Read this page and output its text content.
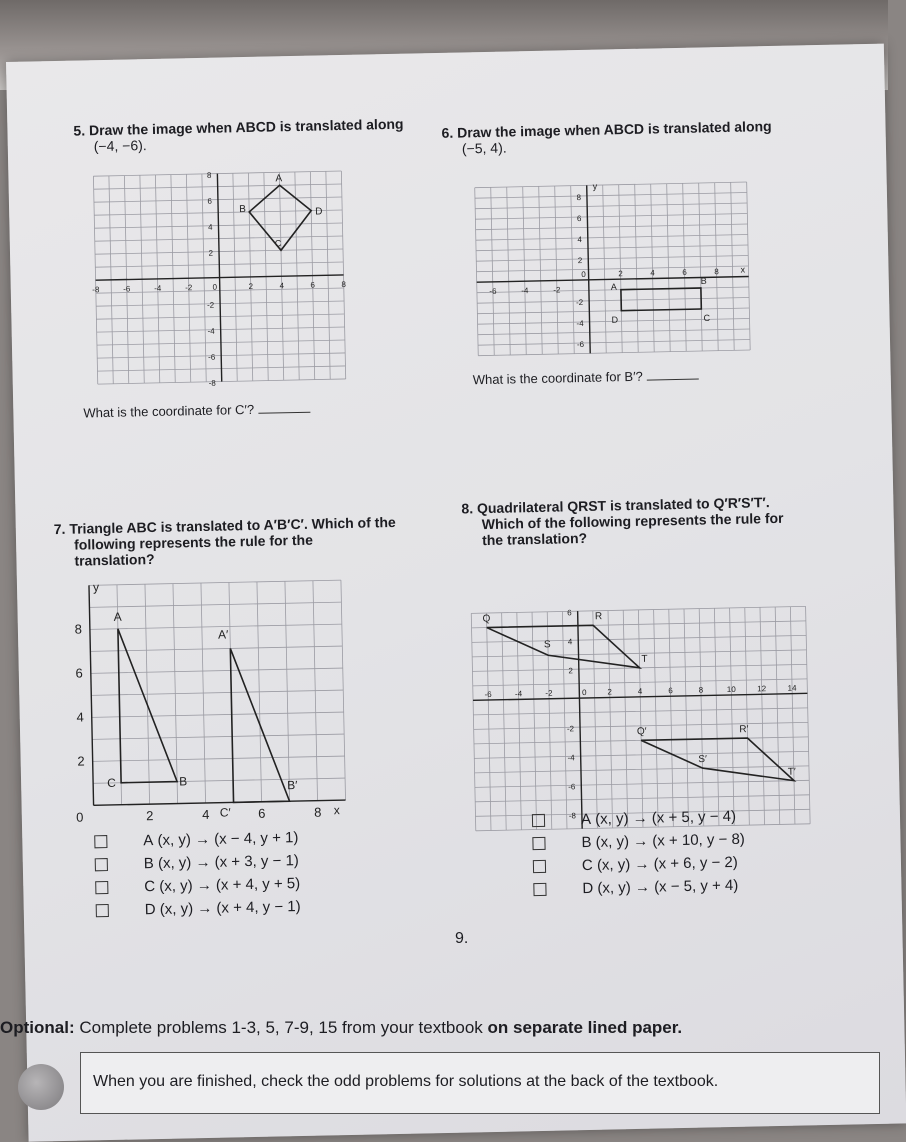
5. Draw the image when ABCD is translated along
(−4, −6).
-8	-6	-4	-2	0	2	4	6	8
8
6
4
2
-2
-4
-6
-8
A
B
C
D
What is the coordinate for C′?
6. Draw the image when ABCD is translated along
(−5, 4).
-6	-4	-2
0	2	4	6	8
8
6
4
2
-2
-4
-6
A
B
C
D
y
x
What is the coordinate for B′?
7. Triangle ABC is translated to A′B′C′. Which of the
following represents the rule for the
translation?
0	2	4	6	8
2
4
6
8
A
B
C
A′
B′
C′
y
x
A
(x, y) → (x − 4, y + 1)
B
(x, y) → (x + 3, y − 1)
C
(x, y) → (x + 4, y + 5)
D
(x, y) → (x + 4, y − 1)
8. Quadrilateral QRST is translated to Q′R′S′T′.
Which of the following represents the rule for
the translation?
-6	-4	-2	0	2	4	6	8	10	12	14
6
4
2
-2
-4
-6
-8
Q	R
S
T
Q′	R′
S′
T′
A
(x, y) → (x + 5, y − 4)
B
(x, y) → (x + 10, y − 8)
C
(x, y) → (x + 6, y − 2)
D
(x, y) → (x − 5, y + 4)
9.
Optional: Complete problems 1-3, 5, 7-9, 15 from your textbook on separate lined paper.
When you are finished, check the odd problems for solutions at the back of the textbook.
